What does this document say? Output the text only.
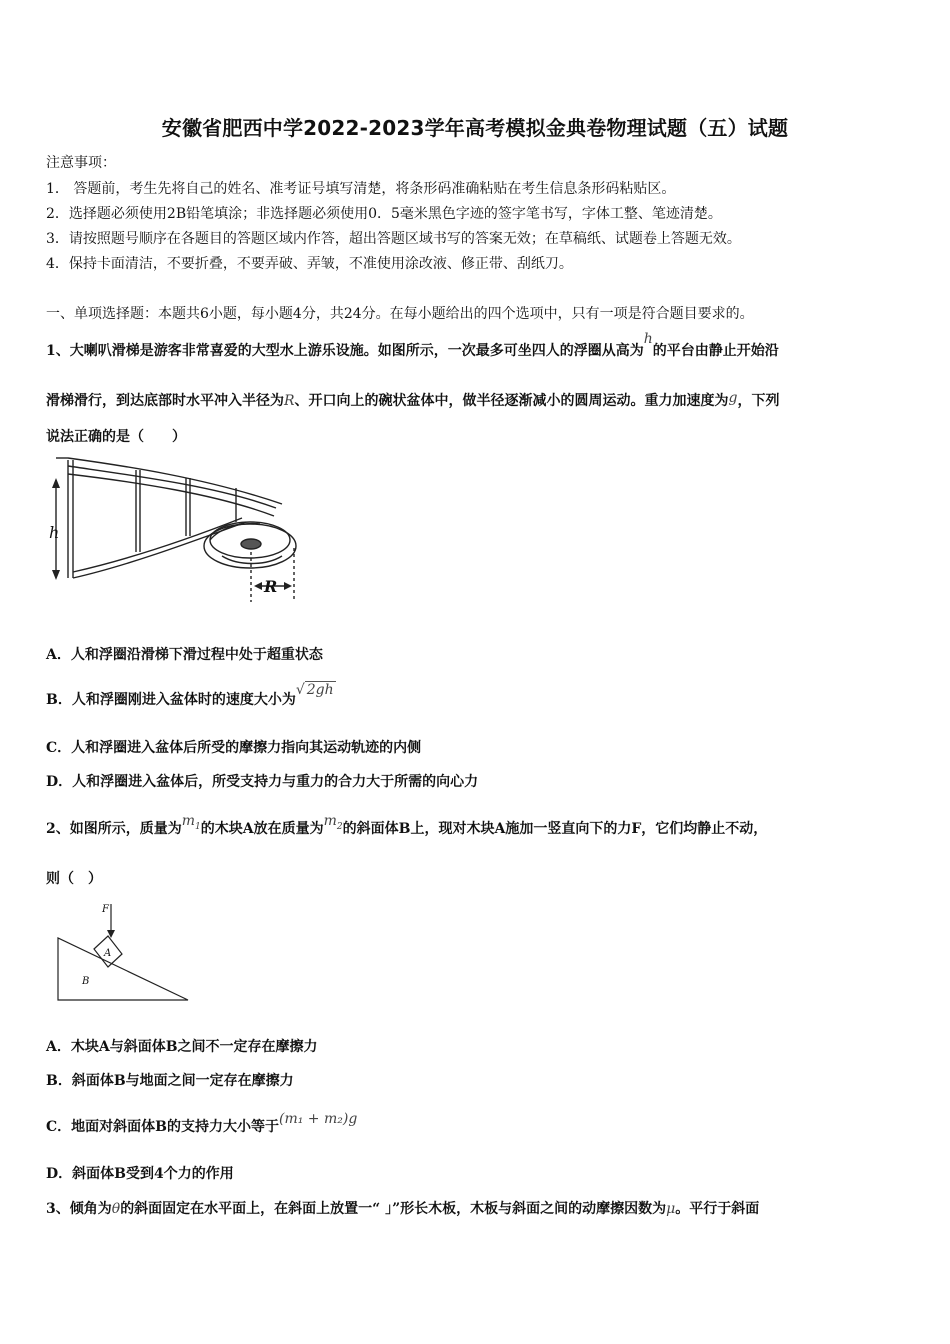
安徽省肥西中学2022-2023学年高考模拟金典卷物理试题（五）试题
注意事项：
1． 答题前，考生先将自己的姓名、准考证号填写清楚，将条形码准确粘贴在考生信息条形码粘贴区。
2．选择题必须使用2B铅笔填涂；非选择题必须使用0．5毫米黑色字迹的签字笔书写，字体工整、笔迹清楚。
3．请按照题号顺序在各题目的答题区域内作答，超出答题区域书写的答案无效；在草稿纸、试题卷上答题无效。
4．保持卡面清洁，不要折叠，不要弄破、弄皱，不准使用涂改液、修正带、刮纸刀。
一、单项选择题：本题共6小题，每小题4分，共24分。在每小题给出的四个选项中，只有一项是符合题目要求的。
1、大喇叭滑梯是游客非常喜爱的大型水上游乐设施。如图所示，一次最多可坐四人的浮圈从高为h的平台由静止开始沿
滑梯滑行，到达底部时水平冲入半径为R、开口向上的碗状盆体中，做半径逐渐减小的圆周运动。重力加速度为g，下列
说法正确的是（　　）
h
R
A．人和浮圈沿滑梯下滑过程中处于超重状态
B．人和浮圈刚进入盆体时的速度大小为√ 2gh
C．人和浮圈进入盆体后所受的摩擦力指向其运动轨迹的内侧
D．人和浮圈进入盆体后，所受支持力与重力的合力大于所需的向心力
2、如图所示，质量为$m_1$的木块A放在质量为$m_2$的斜面体B上，现对木块A施加一竖直向下的力F，它们均静止不动，
则（　）
F
A
B
A．木块A与斜面体B之间不一定存在摩擦力
B．斜面体B与地面之间一定存在摩擦力
C．地面对斜面体B的支持力大小等于(m₁ + m₂)g
D．斜面体B受到4个力的作用
3、倾角为θ的斜面固定在水平面上，在斜面上放置一“ 」”形长木板，木板与斜面之间的动摩擦因数为μ。平行于斜面
